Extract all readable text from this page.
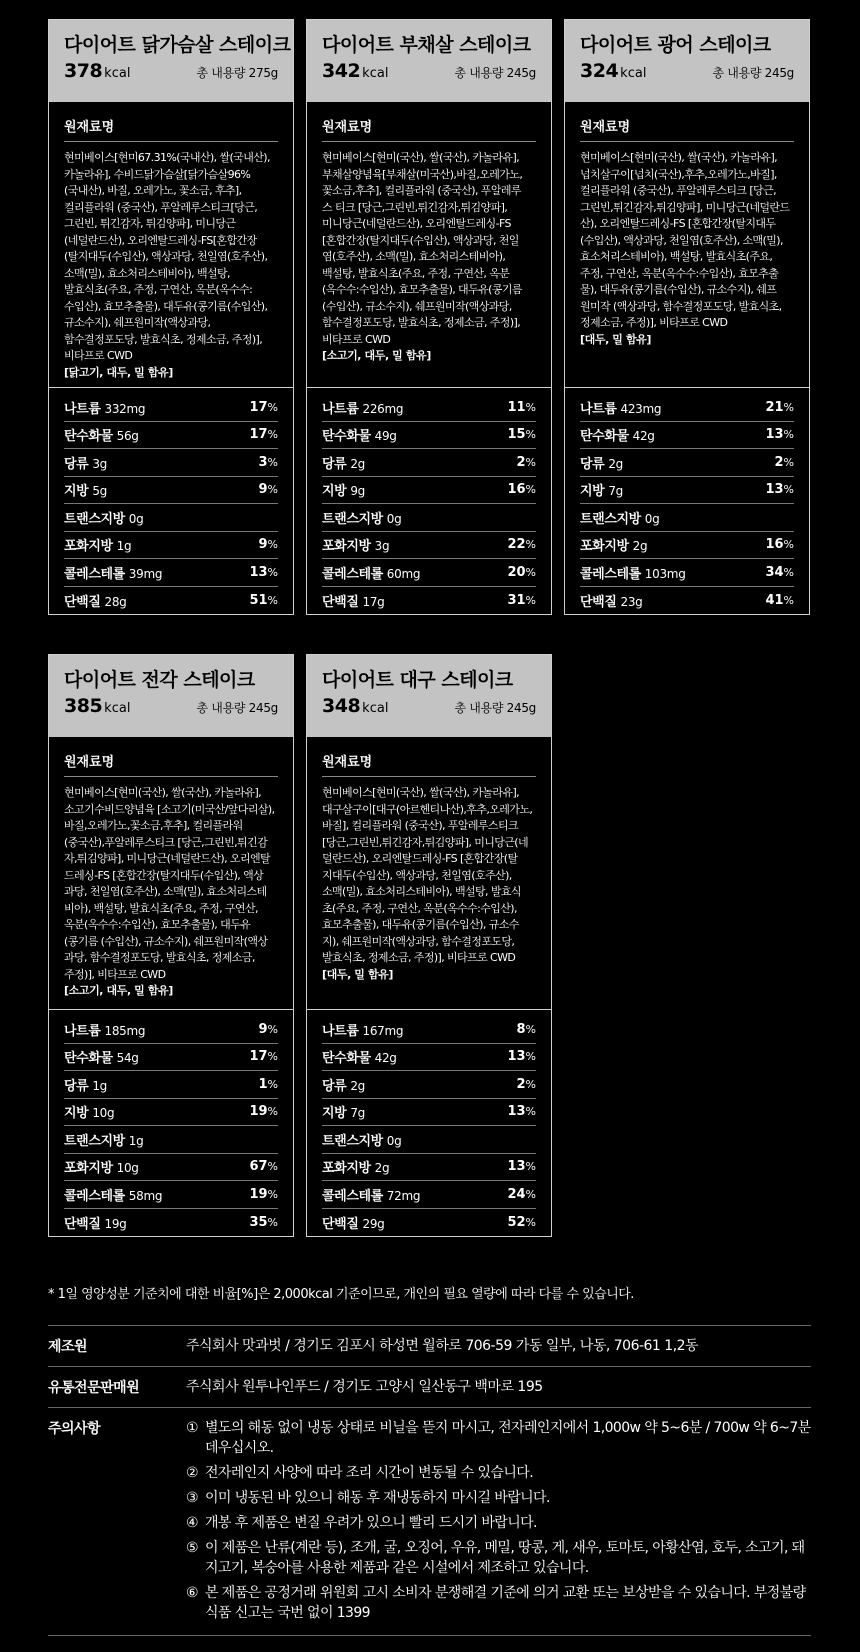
다이어트 닭가슴살 스테이크
378 kcal	총 내용량 275g
원재료명
현미베이스[현미67.31%(국내산), 쌀(국내산),
카놀라유], 수비드닭가슴살[닭가슴살96%
(국내산), 바질, 오레가노, 꽃소금, 후추],
컬리플라워 (중국산), 푸알레루스티크[당근,
그린빈, 튀긴감자, 튀김양파], 미니당근
(네덜란드산), 오리엔탈드레싱-FS[혼합간장
(탈지대두(수입산), 액상과당, 천일염(호주산),
소맥(밀), 효소처리스테비아), 백설탕,
발효식초(주요, 주정, 구연산, 옥분(옥수수:
수입산), 효모추출물), 대두유(콩기름(수입산),
규소수지), 쉐프원미작(액상과당,
함수결정포도당, 발효식초, 정제소금, 주정)],
비타프로 CWD
[닭고기, 대두, 밀 함유]
나트륨 332mg	17%
탄수화물 56g	17%
당류 3g	3%
지방 5g	9%
트랜스지방 0g
포화지방 1g	9%
콜레스테롤 39mg	13%
단백질 28g	51%
다이어트 부채살 스테이크
342 kcal	총 내용량 245g
원재료명
현미베이스[현미(국산), 쌀(국산), 카놀라유],
부채살양념육[부채살(미국산),바질,오레가노,
꽃소금,후추], 컬리플라워 (중국산), 푸알레루
스 티크 [당근,그린빈,튀긴감자,튀김양파],
미니당근(네덜란드산), 오리엔탈드레싱-FS
[혼합간장(탈지대두(수입산), 액상과당, 천일
염(호주산), 소맥(밀), 효소처리스테비아),
백설탕, 발효식초(주요, 주정, 구연산, 옥분
(옥수수:수입산), 효모추출물), 대두유(콩기름
(수입산), 규소수지), 쉐프원미작(액상과당,
함수결정포도당, 발효식초, 정제소금, 주정)],
비타프로 CWD
[소고기, 대두, 밀 함유]
나트륨 226mg	11%
탄수화물 49g	15%
당류 2g	2%
지방 9g	16%
트랜스지방 0g
포화지방 3g	22%
콜레스테롤 60mg	20%
단백질 17g	31%
다이어트 광어 스테이크
324 kcal	총 내용량 245g
원재료명
현미베이스[현미(국산), 쌀(국산), 카놀라유],
넙치살구이[넙치(국산),후추,오레가노,바질],
컬리플라워 (중국산), 푸알레루스티크 [당근,
그린빈,튀긴감자,튀김양파], 미니당근(네덜란드
산), 오리엔탈드레싱-FS [혼합간장(탈지대두
(수입산), 액상과당, 천일염(호주산), 소맥(밀),
효소처리스테비아), 백설탕, 발효식초(주요,
주정, 구연산, 옥분(옥수수:수입산), 효모추출
물), 대두유(콩기름(수입산), 규소수지), 쉐프
원미작 (액상과당, 함수결정포도당, 발효식초,
정제소금, 주정)], 비타프로 CWD
[대두, 밀 함유]
나트륨 423mg	21%
탄수화물 42g	13%
당류 2g	2%
지방 7g	13%
트랜스지방 0g
포화지방 2g	16%
콜레스테롤 103mg	34%
단백질 23g	41%
다이어트 전각 스테이크
385 kcal	총 내용량 245g
원재료명
현미베이스[현미(국산), 쌀(국산), 카놀라유],
소고기수비드양념육 [소고기(미국산/앞다리살),
바질,오레가노,꽃소금,후추], 컬리플라워
(중국산),푸알레루스티크 [당근,그린빈,튀긴감
자,튀김양파], 미니당근(네덜란드산), 오리엔탈
드레싱-FS [혼합간장(탈지대두(수입산), 액상
과당, 천일염(호주산), 소맥(밀), 효소처리스테
비아), 백설탕, 발효식초(주요, 주정, 구연산,
옥분(옥수수:수입산), 효모추출물), 대두유
(콩기름 (수입산), 규소수지), 쉐프원미작(액상
과당, 함수결정포도당, 발효식초, 정제소금,
주정)], 비타프로 CWD
[소고기, 대두, 밀 함유]
나트륨 185mg	9%
탄수화물 54g	17%
당류 1g	1%
지방 10g	19%
트랜스지방 1g
포화지방 10g	67%
콜레스테롤 58mg	19%
단백질 19g	35%
다이어트 대구 스테이크
348 kcal	총 내용량 245g
원재료명
현미베이스[현미(국산), 쌀(국산), 카놀라유],
대구살구이[대구(아르헨티나산),후추,오레가노,
바질], 컬리플라워 (중국산), 푸알레루스티크
[당근,그린빈,튀긴감자,튀김양파], 미니당근(네
덜란드산), 오리엔탈드레싱-FS [혼합간장(탈
지대두(수입산), 액상과당, 천일염(호주산),
소맥(밀), 효소처리스테비아), 백설탕, 발효식
초(주요, 주정, 구연산, 옥분(옥수수:수입산),
효모추출물), 대두유(콩기름(수입산), 규소수
지), 쉐프원미작(액상과당, 함수결정포도당,
발효식초, 정제소금, 주정)], 비타프로 CWD
[대두, 밀 함유]
나트륨 167mg	8%
탄수화물 42g	13%
당류 2g	2%
지방 7g	13%
트랜스지방 0g
포화지방 2g	13%
콜레스테롤 72mg	24%
단백질 29g	52%
* 1일 영양성분 기준치에 대한 비율[%]은 2,000kcal 기준이므로, 개인의 필요 열량에 따라 다를 수 있습니다.
제조원	주식회사 맛과벗 / 경기도 김포시 하성면 월하로 706-59 가동 일부, 나동, 706-61 1,2동
유통전문판매원	주식회사 원투나인푸드 / 경기도 고양시 일산동구 백마로 195
주의사항	① 별도의 해동 없이 냉동 상태로 비닐을 뜯지 마시고, 전자레인지에서 1,000w 약 5~6분 / 700w 약 6~7분 데우십시오.
② 전자레인지 사양에 따라 조리 시간이 변동될 수 있습니다.
③ 이미 냉동된 바 있으니 해동 후 재냉동하지 마시길 바랍니다.
④ 개봉 후 제품은 변질 우려가 있으니 빨리 드시기 바랍니다.
⑤ 이 제품은 난류(계란 등), 조개, 굴, 오징어, 우유, 메밀, 땅콩, 게, 새우, 토마토, 아황산염, 호두, 소고기, 돼지고기, 복숭아를 사용한 제품과 같은 시설에서 제조하고 있습니다.
⑥ 본 제품은 공정거래 위원회 고시 소비자 분쟁해결 기준에 의거 교환 또는 보상받을 수 있습니다. 부정불량식품 신고는 국번 없이 1399
